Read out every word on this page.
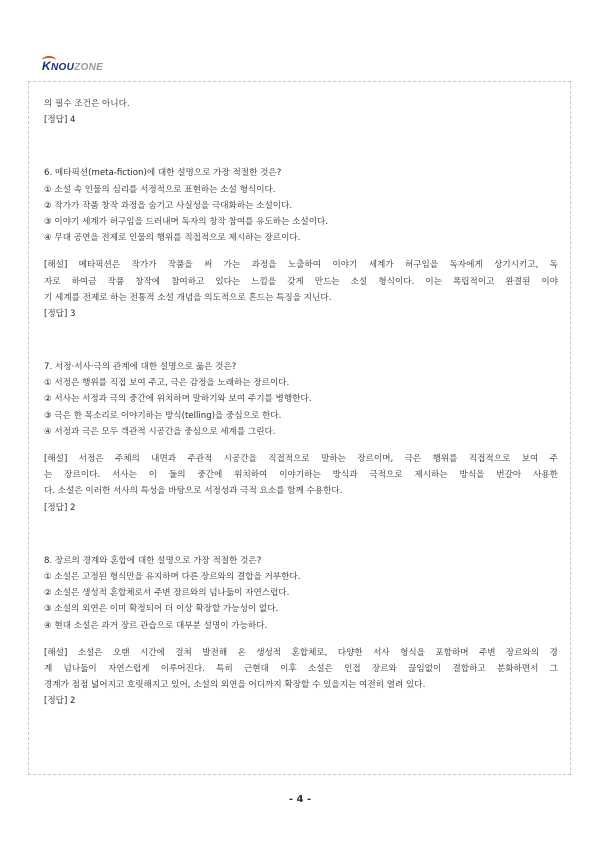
KNOUZONE
의 필수 조건은 아니다.
[정답] 4
6. 메타픽션(meta-fiction)에 대한 설명으로 가장 적절한 것은?
① 소설 속 인물의 심리를 서정적으로 표현하는 소설 형식이다.
② 작가가 작품 창작 과정을 숨기고 사실성을 극대화하는 소설이다.
③ 이야기 세계가 허구임을 드러내며 독자의 창작 참여를 유도하는 소설이다.
④ 무대 공연을 전제로 인물의 행위를 직접적으로 제시하는 장르이다.
[해설] 메타픽션은 작가가 작품을 써 가는 과정을 노출하여 이야기 세계가 허구임을 독자에게 상기시키고, 독
자로 하여금 작품 창작에 참여하고 있다는 느낌을 갖게 만드는 소설 형식이다. 이는 폭립적이고 완결된 이야
기 세계를 전제로 하는 전통적 소설 개념을 의도적으로 흔드는 특징을 지닌다.
[정답] 3
7. 서정·서사·극의 관계에 대한 설명으로 옳은 것은?
① 서정은 행위를 직접 보여 주고, 극은 감정을 노래하는 장르이다.
② 서사는 서정과 극의 중간에 위치하며 말하기와 보여 주기를 병행한다.
③ 극은 한 목소리로 이야기하는 방식(telling)을 중심으로 한다.
④ 서정과 극은 모두 객관적 시공간을 중심으로 세계를 그린다.
[해설] 서정은 주체의 내면과 주관적 시공간을 직접적으로 말하는 장르이며, 극은 행위를 직접적으로 보여 주
는 장르이다. 서사는 이 둘의 중간에 위치하여 이야기하는 방식과 극적으로 제시하는 방식을 번갈아 사용한
다. 소설은 이러한 서사의 특성을 바탕으로 서정성과 극적 요소를 함께 수용한다.
[정답] 2
8. 장르의 경계와 혼합에 대한 설명으로 가장 적절한 것은?
① 소설은 고정된 형식만을 유지하며 다른 장르와의 결합을 거부한다.
② 소설은 생성적 혼합체로서 주변 장르와의 넘나듦이 자연스럽다.
③ 소설의 외연은 이미 확정되어 더 이상 확장할 가능성이 없다.
④ 현대 소설은 과거 장르 관습으로 대부분 설명이 가능하다.
[해설] 소설은 오랜 시간에 걸쳐 발전해 온 생성적 혼합체로, 다양한 서사 형식을 포함하며 주변 장르와의 경
계 넘나듦이 자연스럽게 이루어진다. 특히 근현대 이후 소설은 인접 장르와 끊임없이 결합하고 분화하면서 그
경계가 점점 넓어지고 호릿해지고 있어, 소설의 외연을 어디까지 확장할 수 있을지는 여전히 열려 있다.
[정답] 2
- 4 -
